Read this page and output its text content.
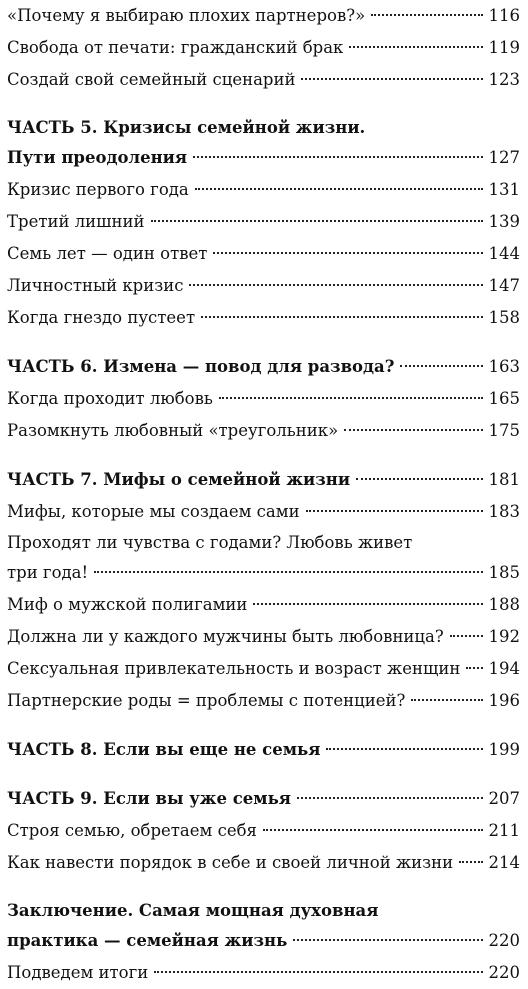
«Почему я выбираю плохих партнеров?»	116
Свобода от печати: гражданский брак	119
Создай свой семейный сценарий	123
ЧАСТЬ 5. Кризисы семейной жизни.
Пути преодоления	127
Кризис первого года	131
Третий лишний	139
Семь лет — один ответ	144
Личностный кризис	147
Когда гнездо пустеет	158
ЧАСТЬ 6. Измена — повод для развода?	163
Когда проходит любовь	165
Разомкнуть любовный «треугольник»	175
ЧАСТЬ 7. Мифы о семейной жизни	181
Мифы, которые мы создаем сами	183
Проходят ли чувства с годами? Любовь живет
три года!	185
Миф о мужской полигамии	188
Должна ли у каждого мужчины быть любовница?	192
Сексуальная привлекательность и возраст женщин 194
Партнерские роды = проблемы с потенцией?	196
ЧАСТЬ 8. Если вы еще не семья	199
ЧАСТЬ 9. Если вы уже семья	207
Строя семью, обретаем себя	211
Как навести порядок в себе и своей личной жизни 214
Заключение. Самая мощная духовная
практика — семейная жизнь	220
Подведем итоги	220
